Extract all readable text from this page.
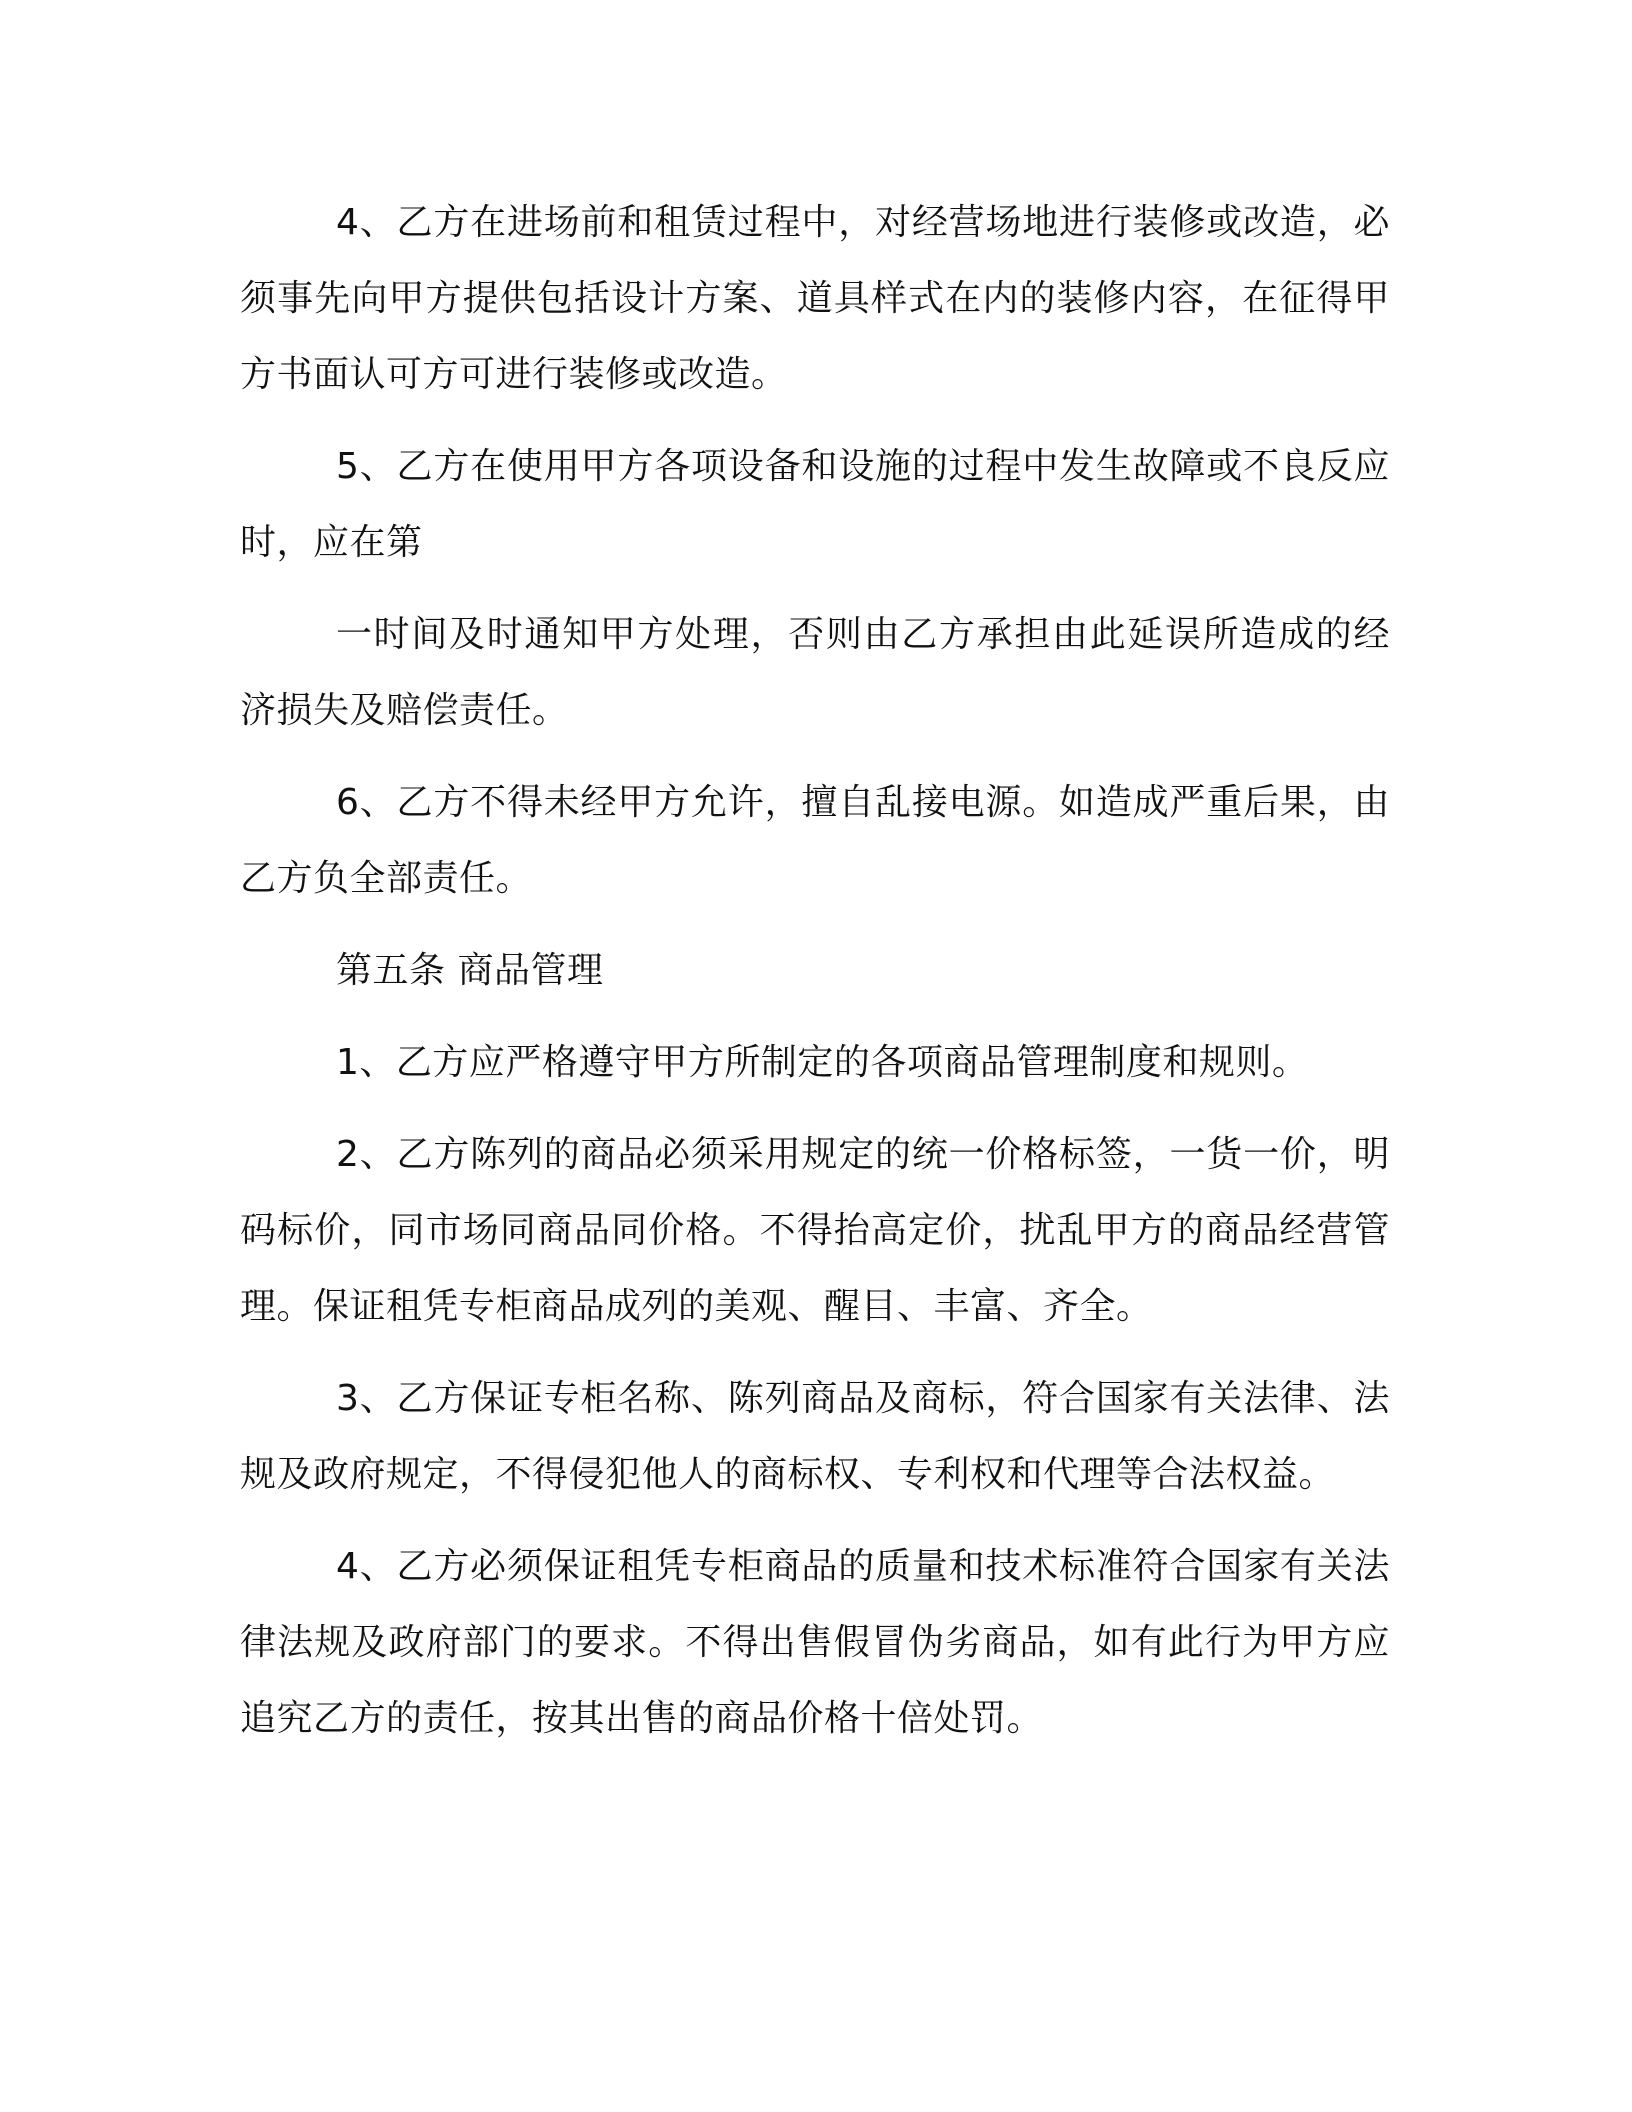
4、乙方在进场前和租赁过程中，对经营场地进行装修或改造，必须事先向甲方提供包括设计方案、道具样式在内的装修内容，在征得甲方书面认可方可进行装修或改造。

5、乙方在使用甲方各项设备和设施的过程中发生故障或不良反应时，应在第

一时间及时通知甲方处理，否则由乙方承担由此延误所造成的经济损失及赔偿责任。

6、乙方不得未经甲方允许，擅自乱接电源。如造成严重后果，由乙方负全部责任。

第五条 商品管理

1、乙方应严格遵守甲方所制定的各项商品管理制度和规则。

2、乙方陈列的商品必须采用规定的统一价格标签，一货一价，明码标价，同市场同商品同价格。不得抬高定价，扰乱甲方的商品经营管理。保证租凭专柜商品成列的美观、醒目、丰富、齐全。

3、乙方保证专柜名称、陈列商品及商标，符合国家有关法律、法规及政府规定，不得侵犯他人的商标权、专利权和代理等合法权益。

4、乙方必须保证租凭专柜商品的质量和技术标准符合国家有关法律法规及政府部门的要求。不得出售假冒伪劣商品，如有此行为甲方应追究乙方的责任，按其出售的商品价格十倍处罚。
